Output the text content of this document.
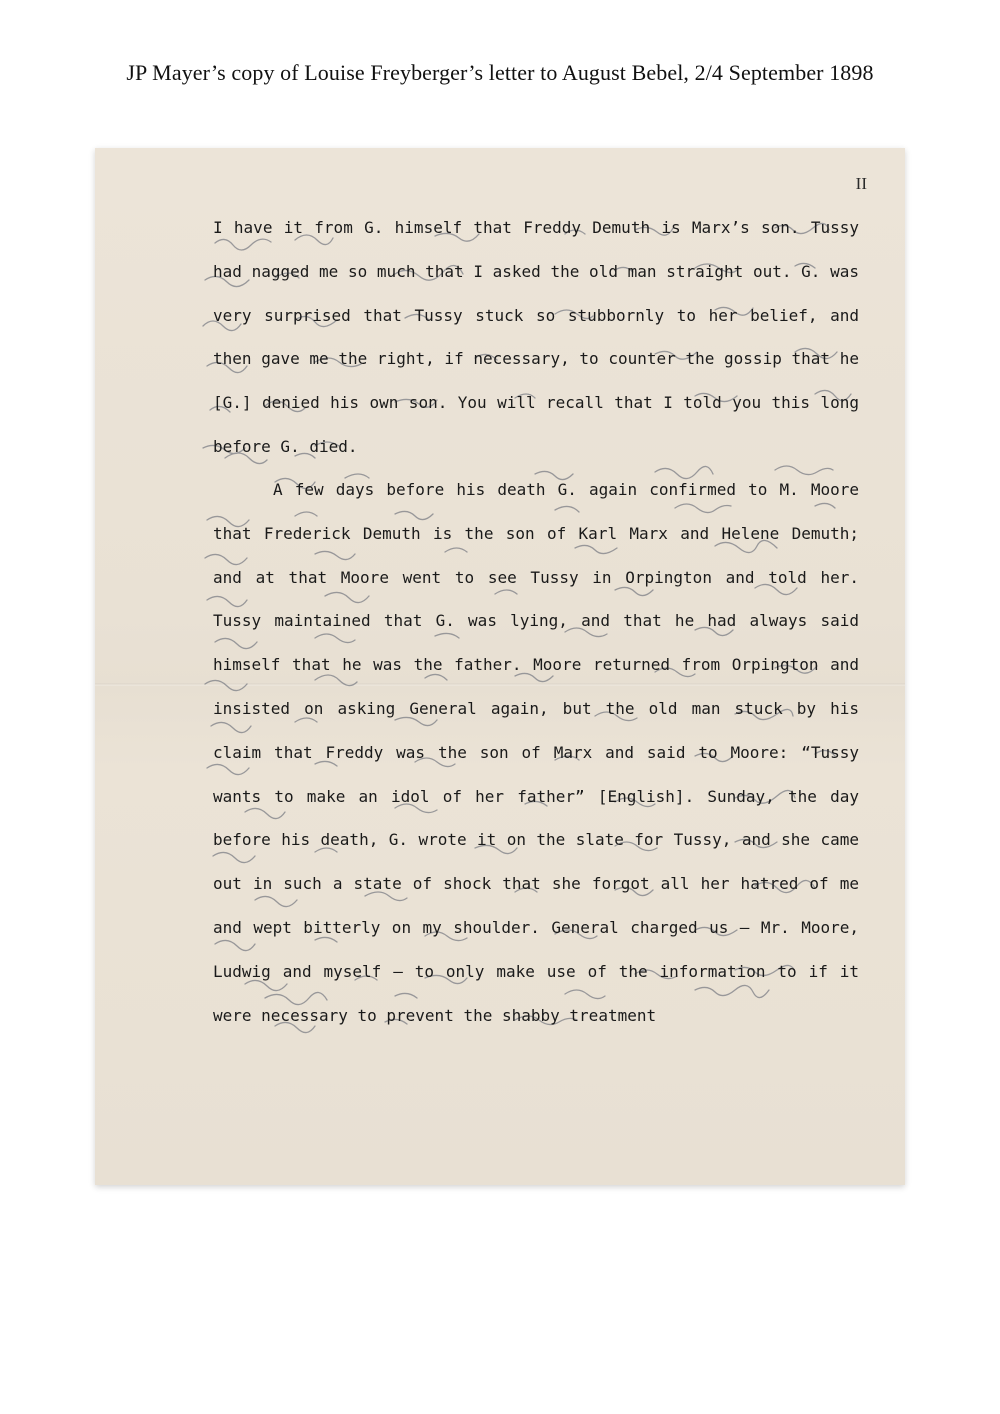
JP Mayer’s copy of Louise Freyberger’s letter to August Bebel, 2/4 September 1898
II

I have it from G. himself that Freddy Demuth is Marx’s son. Tussy had nagged me so much that I asked the old man straight out. G. was very surprised that Tussy stuck so stubbornly to her belief, and then gave me the right, if necessary, to counter the gossip that he [G.] denied his own son. You will recall that I told you this long before G. died.

A few days before his death G. again confirmed to M. Moore that Frederick Demuth is the son of Karl Marx and Helene Demuth; and at that Moore went to see Tussy in Orpington and told her. Tussy maintained that G. was lying, and that he had always said himself that he was the father. Moore returned from Orpington and insisted on asking General again, but the old man stuck by his claim that Freddy was the son of Marx and said to Moore: “Tussy wants to make an idol of her father” [English]. Sunday, the day before his death, G. wrote it on the slate for Tussy, and she came out in such a state of shock that she forgot all her hatred of me and wept bitterly on my shoulder. General charged us – Mr. Moore, Ludwig and myself – to only make use of the information to if it were necessary to prevent the shabby treatment
